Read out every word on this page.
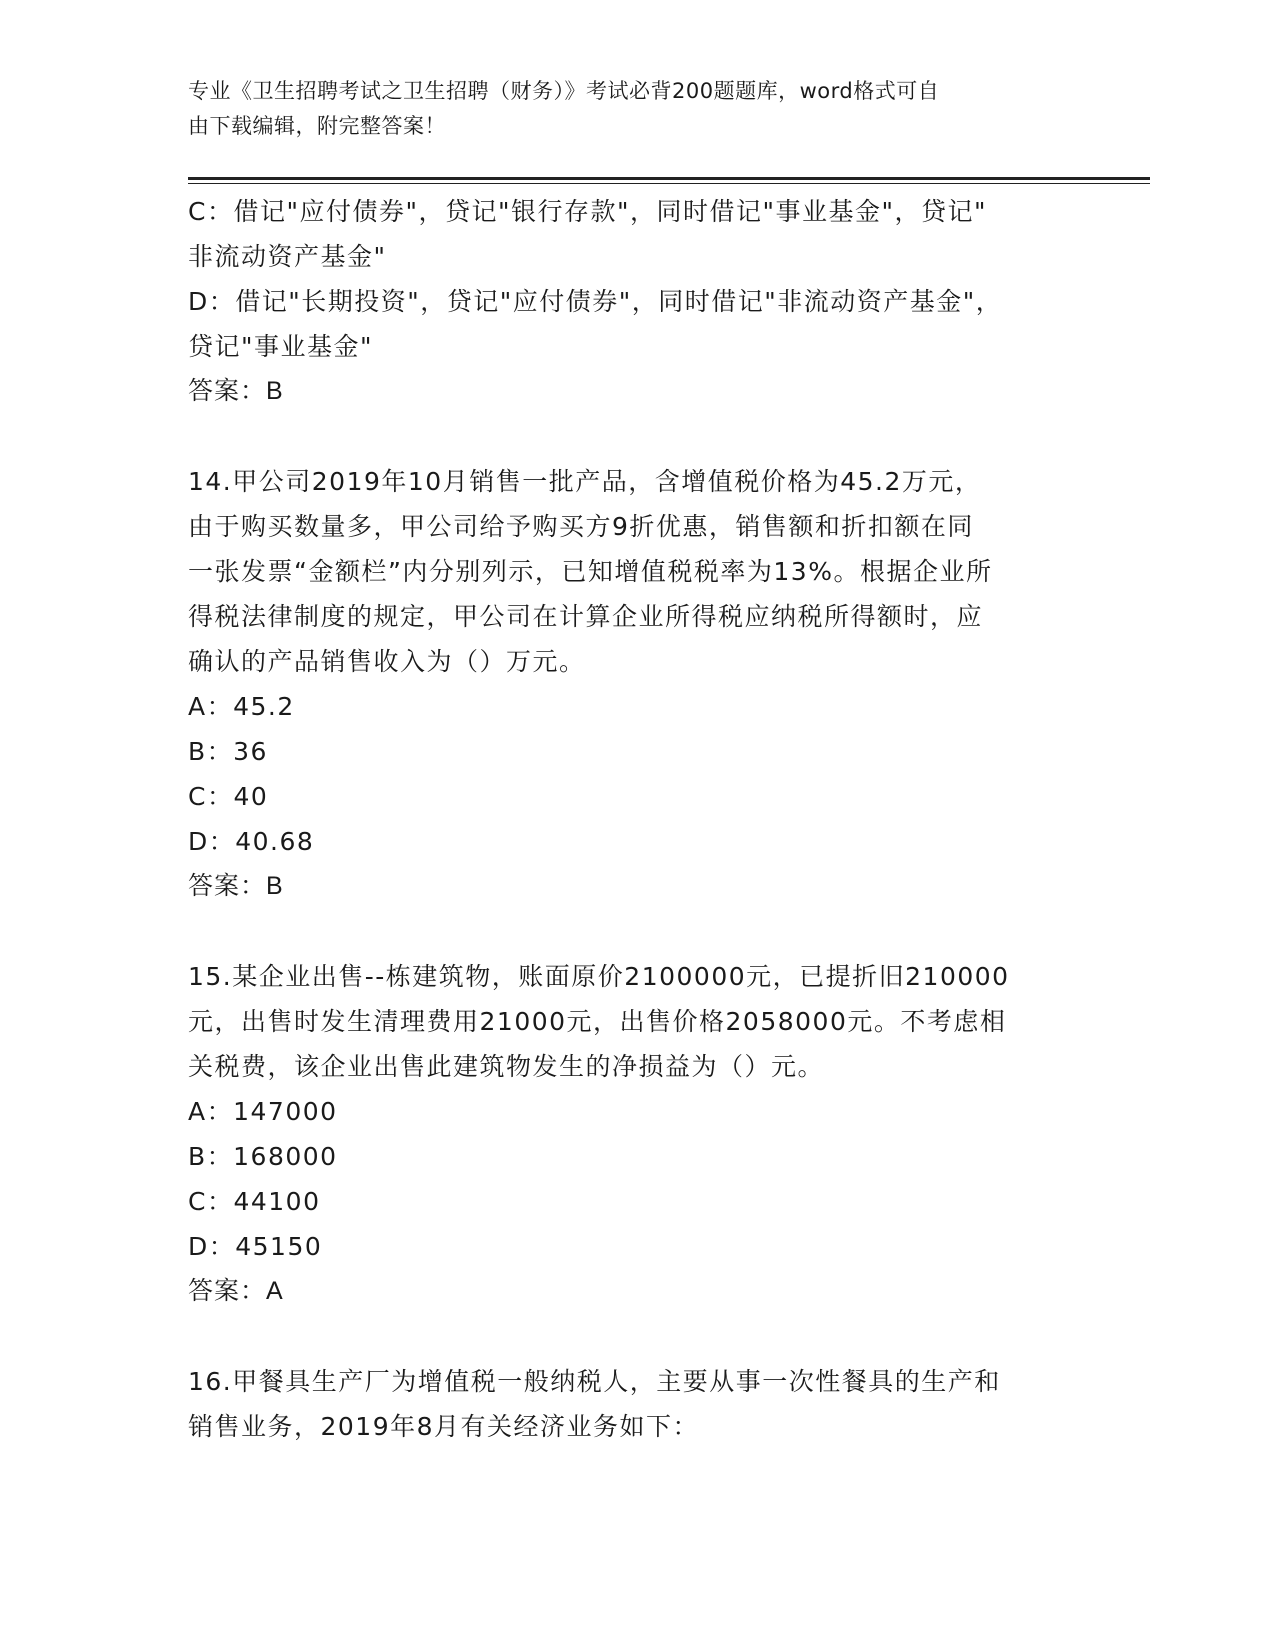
专业《卫生招聘考试之卫生招聘（财务）》考试必背200题题库，word格式可自
由下载编辑，附完整答案！
C：借记"应付债券"，贷记"银行存款"，同时借记"事业基金"，贷记"
非流动资产基金"
D：借记"长期投资"，贷记"应付债券"，同时借记"非流动资产基金"，
贷记"事业基金"
答案：B
14.甲公司2019年10月销售一批产品，含增值税价格为45.2万元，
由于购买数量多，甲公司给予购买方9折优惠，销售额和折扣额在同
一张发票“金额栏”内分别列示，已知增值税税率为13%。根据企业所
得税法律制度的规定，甲公司在计算企业所得税应纳税所得额时，应
确认的产品销售收入为（）万元。
A：45.2
B：36
C：40
D：40.68
答案：B
15.某企业出售--栋建筑物，账面原价2100000元，已提折旧210000
元，出售时发生清理费用21000元，出售价格2058000元。不考虑相
关税费，该企业出售此建筑物发生的净损益为（）元。
A：147000
B：168000
C：44100
D：45150
答案：A
16.甲餐具生产厂为增值税一般纳税人，主要从事一次性餐具的生产和
销售业务，2019年8月有关经济业务如下：
